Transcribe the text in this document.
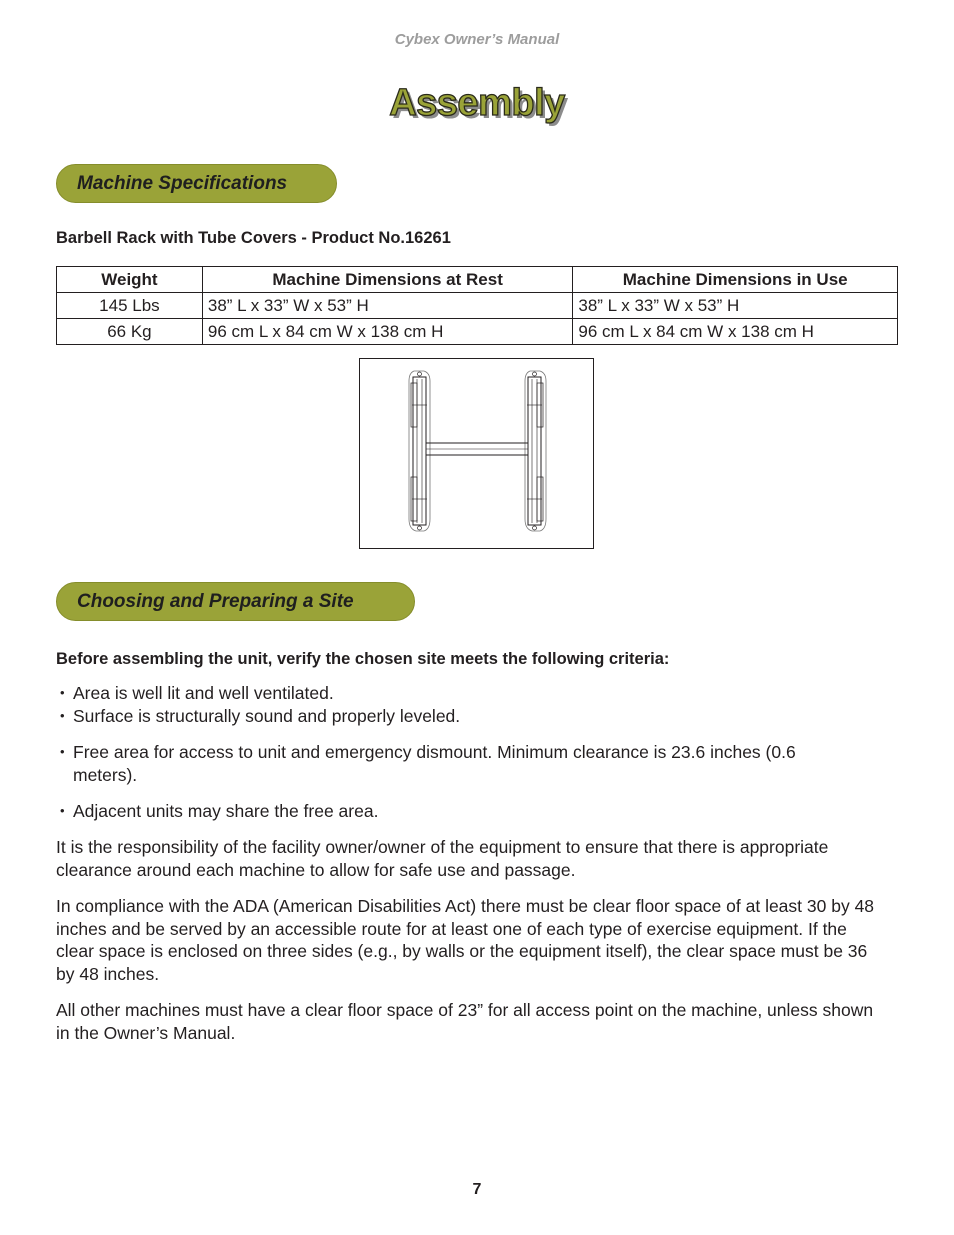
Cybex Owner’s Manual
Assembly
Machine Specifications
Barbell Rack with Tube Covers - Product No.16261
Weight	Machine Dimensions at Rest	Machine Dimensions in Use
145 Lbs	38” L x 33” W x 53” H	38” L x 33” W x 53” H
66 Kg	96 cm L x 84 cm W x 138 cm H	96 cm L x 84 cm W x 138 cm H
Choosing and Preparing a Site
Before assembling the unit, verify the chosen site meets the following criteria:
• Area is well lit and well ventilated.
• Surface is structurally sound and properly leveled.
• Free area for access to unit and emergency dismount. Minimum clearance is 23.6 inches (0.6 meters).
• Adjacent units may share the free area.
It is the responsibility of the facility owner/owner of the equipment to ensure that there is appropriate clearance around each machine to allow for safe use and passage.
In compliance with the ADA (American Disabilities Act) there must be clear floor space of at least 30 by 48 inches and be served by an accessible route for at least one of each type of exercise equipment. If the clear space is enclosed on three sides (e.g., by walls or the equipment itself), the clear space must be 36 by 48 inches.
All other machines must have a clear floor space of 23” for all access point on the machine, unless shown in the Owner’s Manual.
7
